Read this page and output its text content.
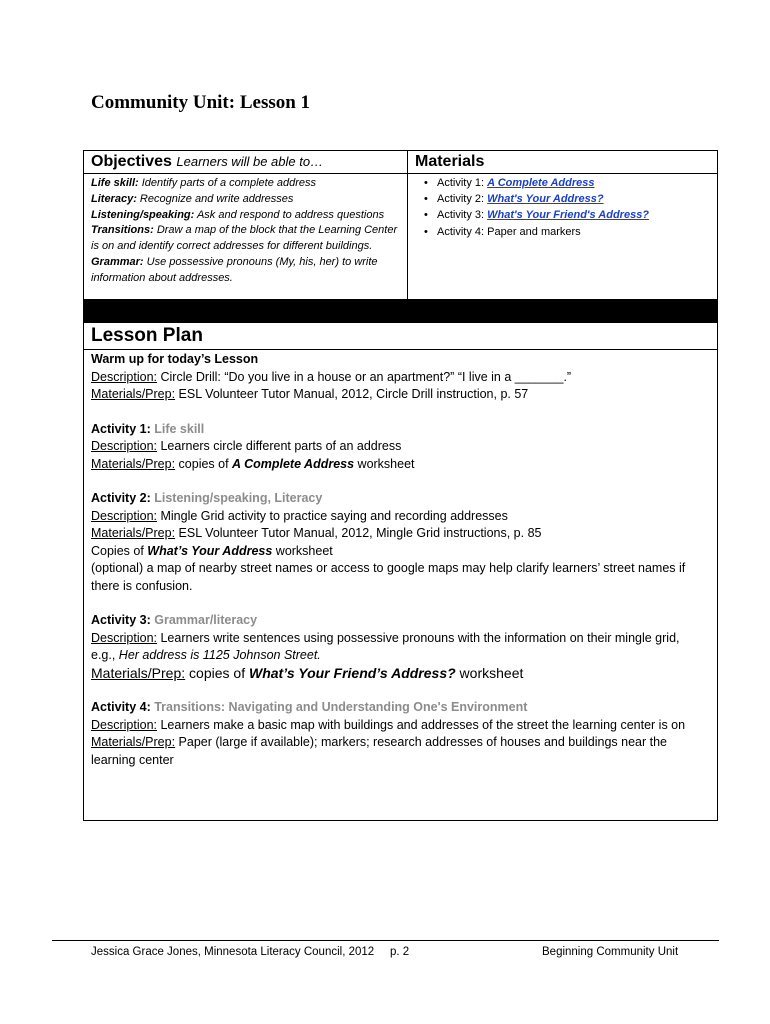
Community Unit: Lesson 1
Objectives Learners will be able to…	Materials
Life skill: Identify parts of a complete address
Literacy: Recognize and write addresses
Listening/speaking: Ask and respond to address questions
Transitions: Draw a map of the block that the Learning Center is on and identify correct addresses for different buildings.
Grammar: Use possessive pronouns (My, his, her) to write information about addresses.
• Activity 1: A Complete Address
• Activity 2: What's Your Address?
• Activity 3: What's Your Friend's Address?
• Activity 4: Paper and markers
Lesson Plan

Warm up for today’s Lesson

Description: Circle Drill: “Do you live in a house or an apartment?” “I live in a _______.”

Materials/Prep: ESL Volunteer Tutor Manual, 2012, Circle Drill instruction, p. 57

Activity 1: Life skill

Description: Learners circle different parts of an address

Materials/Prep: copies of A Complete Address worksheet

Activity 2: Listening/speaking, Literacy

Description: Mingle Grid activity to practice saying and recording addresses

Materials/Prep: ESL Volunteer Tutor Manual, 2012, Mingle Grid instructions, p. 85

Copies of What’s Your Address worksheet

(optional) a map of nearby street names or access to google maps may help clarify learners’ street names if there is confusion.

Activity 3: Grammar/literacy

Description: Learners write sentences using possessive pronouns with the information on their mingle grid, e.g., Her address is 1125 Johnson Street.

Materials/Prep: copies of What’s Your Friend’s Address? worksheet

Activity 4: Transitions: Navigating and Understanding One's Environment

Description: Learners make a basic map with buildings and addresses of the street the learning center is on

Materials/Prep: Paper (large if available); markers; research addresses of houses and buildings near the learning center

Jessica Grace Jones, Minnesota Literacy Council, 2012 p. 2	Beginning Community Unit
